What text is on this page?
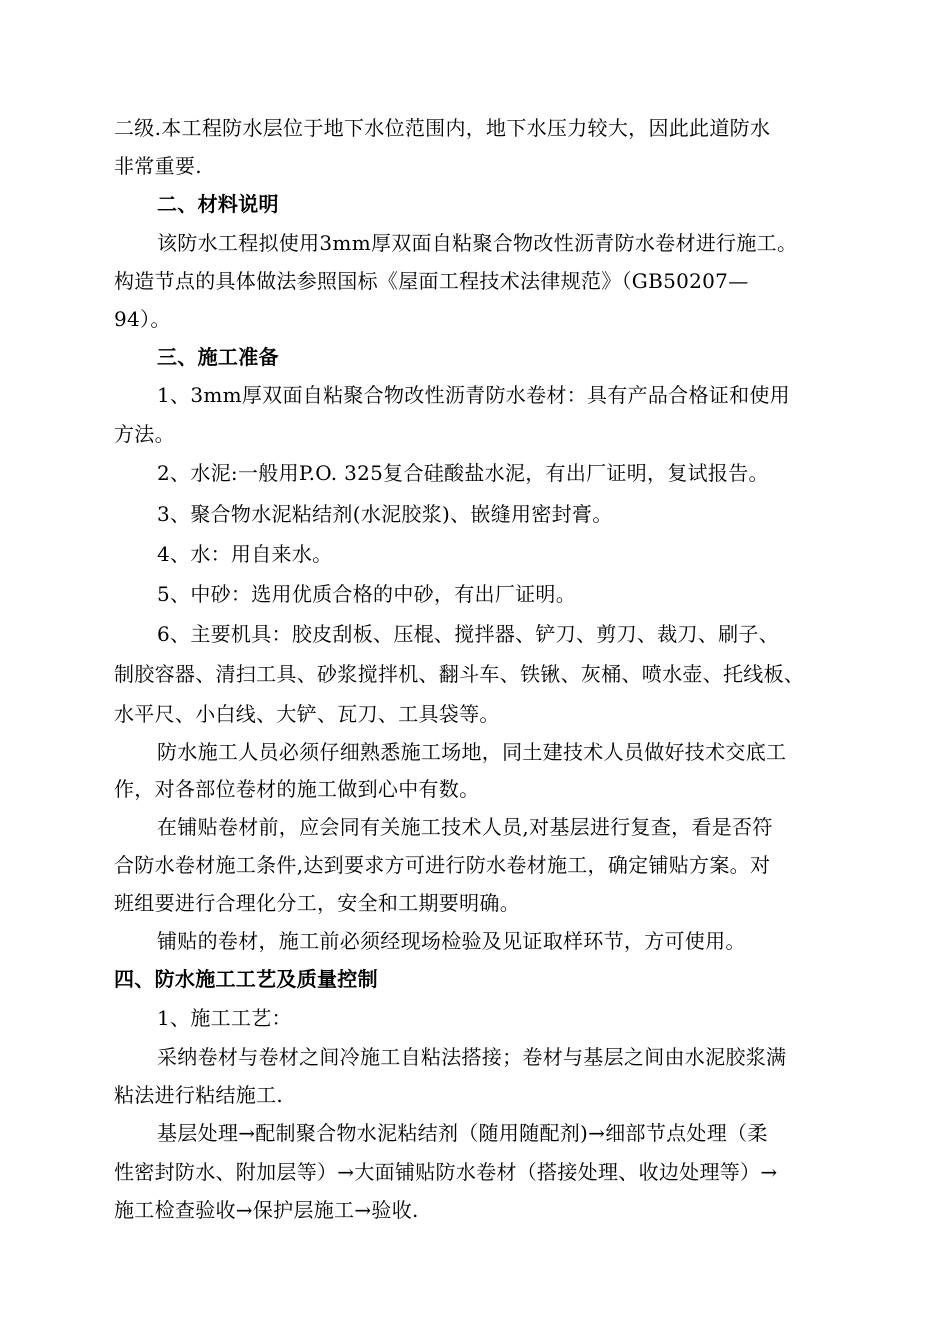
二级.本工程防水层位于地下水位范围内，地下水压力较大，因此此道防水
非常重要.
二、材料说明
该防水工程拟使用3mm厚双面自粘聚合物改性沥青防水卷材进行施工。
构造节点的具体做法参照国标《屋面工程技术法律规范》（GB50207—
94）。
三、施工准备
1、3mm厚双面自粘聚合物改性沥青防水卷材：具有产品合格证和使用
方法。
2、水泥:一般用P.O. 325复合硅酸盐水泥，有出厂证明，复试报告。
3、聚合物水泥粘结剂(水泥胶浆)、嵌缝用密封膏。
4、水：用自来水。
5、中砂：选用优质合格的中砂，有出厂证明。
6、主要机具：胶皮刮板、压棍、搅拌器、铲刀、剪刀、裁刀、刷子、
制胶容器、清扫工具、砂浆搅拌机、翻斗车、铁锹、灰桶、喷水壶、托线板、
水平尺、小白线、大铲、瓦刀、工具袋等。
防水施工人员必须仔细熟悉施工场地，同土建技术人员做好技术交底工
作，对各部位卷材的施工做到心中有数。
在铺贴卷材前，应会同有关施工技术人员,对基层进行复查，看是否符
合防水卷材施工条件,达到要求方可进行防水卷材施工，确定铺贴方案。对
班组要进行合理化分工，安全和工期要明确。
铺贴的卷材，施工前必须经现场检验及见证取样环节，方可使用。
四、防水施工工艺及质量控制
1、施工工艺：
采纳卷材与卷材之间冷施工自粘法搭接；卷材与基层之间由水泥胶浆满
粘法进行粘结施工.
基层处理→配制聚合物水泥粘结剂（随用随配剂)→细部节点处理（柔
性密封防水、附加层等）→大面铺贴防水卷材（搭接处理、收边处理等）→
施工检查验收→保护层施工→验收.
